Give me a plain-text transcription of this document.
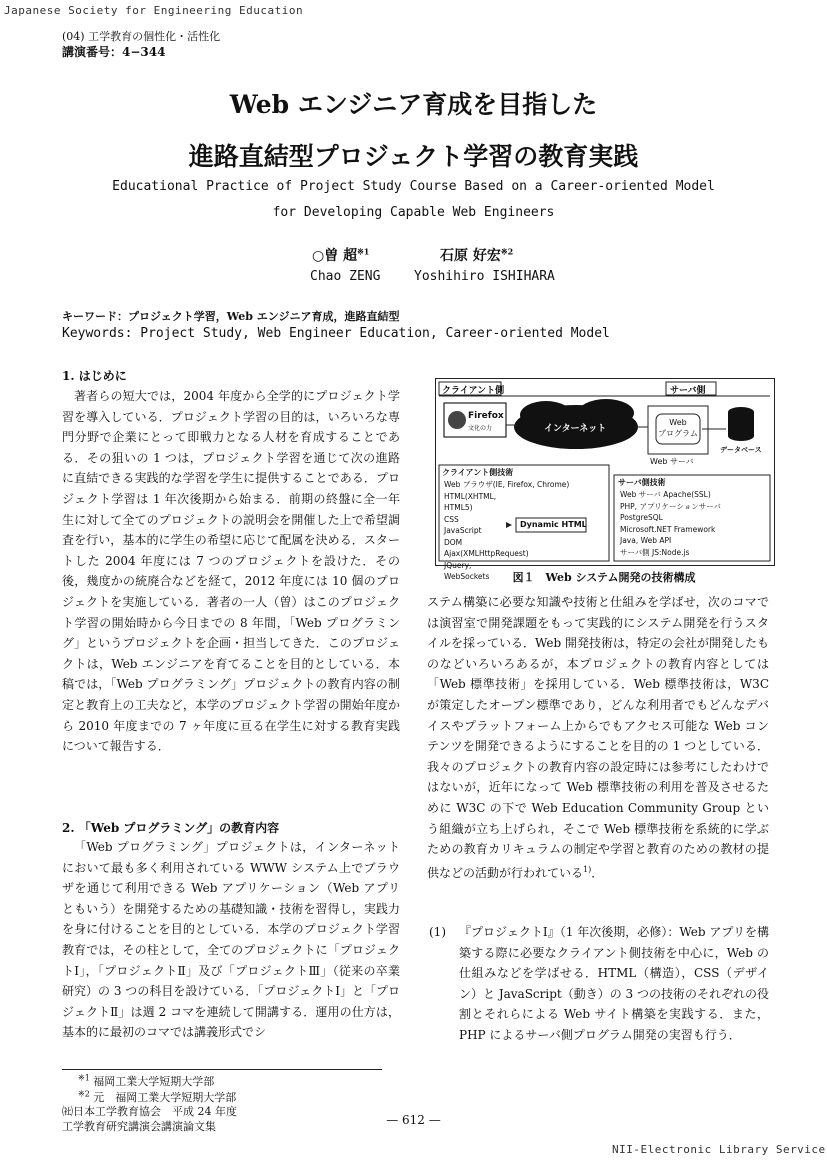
Japanese Society for Engineering Education
(04) 工学教育の個性化・活性化
講演番号：4−344
Web エンジニア育成を目指した
進路直結型プロジェクト学習の教育実践
Educational Practice of Project Study Course Based on a Career-oriented Model
for Developing Capable Web Engineers
○曽 超$^{※1}$	石原 好宏$^{※2}$
Chao ZENG	Yoshihiro ISHIHARA
キーワード：プロジェクト学習，Web エンジニア育成，進路直結型
Keywords: Project Study, Web Engineer Education, Career-oriented Model
1. はじめに

著者らの短大では，2004 年度から全学的にプロジェクト学習を導入している．プロジェクト学習の目的は，いろいろな専門分野で企業にとって即戦力となる人材を育成することである．その狙いの 1 つは，プロジェクト学習を通じて次の進路に直結できる実践的な学習を学生に提供することである．プロジェクト学習は 1 年次後期から始まる．前期の終盤に全一年生に対して全てのプロジェクトの説明会を開催した上で希望調査を行い，基本的に学生の希望に応じて配属を決める．スタートした 2004 年度には 7 つのプロジェクトを設けた．その後，幾度かの統廃合などを経て，2012 年度には 10 個のプロジェクトを実施している．著者の一人（曽）はこのプロジェクト学習の開始時から今日までの 8 年間，「Web プログラミング」というプロジェクトを企画・担当してきた．このプロジェクトは，Web エンジニアを育てることを目的としている．本稿では，「Web プログラミング」プロジェクトの教育内容の制定と教育上の工夫など，本学のプロジェクト学習の開始年度から 2010 年度までの 7 ヶ年度に亘る在学生に対する教育実践について報告する．

2. 「Web プログラミング」の教育内容

「Web プログラミング」プロジェクトは，インターネットにおいて最も多く利用されている WWW システム上でブラウザを通じて利用できる Web アプリケーション（Web アプリともいう）を開発するための基礎知識・技術を習得し，実践力を身に付けることを目的としている．本学のプロジェクト学習教育では，その柱として，全てのプロジェクトに「プロジェクトⅠ」，「プロジェクトⅡ」及び「プロジェクトⅢ」（従来の卒業研究）の 3 つの科目を設けている．「プロジェクトⅠ」と「プロジェクトⅡ」は週 2 コマを連続して開講する．運用の仕方は，基本的に最初のコマでは講義形式でシ

クライアント側	サーバ側
Firefox
文化の力	インターネット
Web
プログラム
データベース
Web サーバ
クライアント側技術
Web ブラウザ(IE, Firefox, Chrome)
HTML(XHTML, HTML5)
CSS
JavaScript
DOM
Ajax(XMLHttpRequest)
JQuery, WebSockets
Dynamic HTML
サーバ側技術
Web サーバ Apache(SSL)
PHP, アプリケーションサーバ
PostgreSQL
Microsoft.NET Framework
Java, Web API
サーバ側 JS:Node.js
図１　Web システム開発の技術構成
ステム構築に必要な知識や技術と仕組みを学ばせ，次のコマでは演習室で開発課題をもって実践的にシステム開発を行うスタイルを採っている．Web 開発技術は，特定の会社が開発したものなどいろいろあるが，本プロジェクトの教育内容としては「Web 標準技術」を採用している．Web 標準技術は，W3C が策定したオープン標準であり，どんな利用者でもどんなデバイスやプラットフォーム上からでもアクセス可能な Web コンテンツを開発できるようにすることを目的の 1 つとしている．我々のプロジェクトの教育内容の設定時には参考にしたわけではないが，近年になって Web 標準技術の利用を普及させるために W3C の下で Web Education Community Group という組織が立ち上げられ，そこで Web 標準技術を系統的に学ぶための教育カリキュラムの制定や学習と教育のための教材の提供などの活動が行われている$^{1)}$．
(1)	『プロジェクトⅠ』（1 年次後期，必修）：Web アプリを構築する際に必要なクライアント側技術を中心に，Web の仕組みなどを学ばせる．HTML（構造），CSS（デザイン）と JavaScript（動き）の 3 つの技術のそれぞれの役割とそれらによる Web サイト構築を実践する．また，PHP によるサーバ側プログラム開発の実習も行う．
$^{※1}$ 福岡工業大学短期大学部
$^{※2}$ 元　福岡工業大学短期大学部
㈳日本工学教育協会　平成 24 年度
工学教育研究講演会講演論文集	— 612 —
NII-Electronic Library Service
